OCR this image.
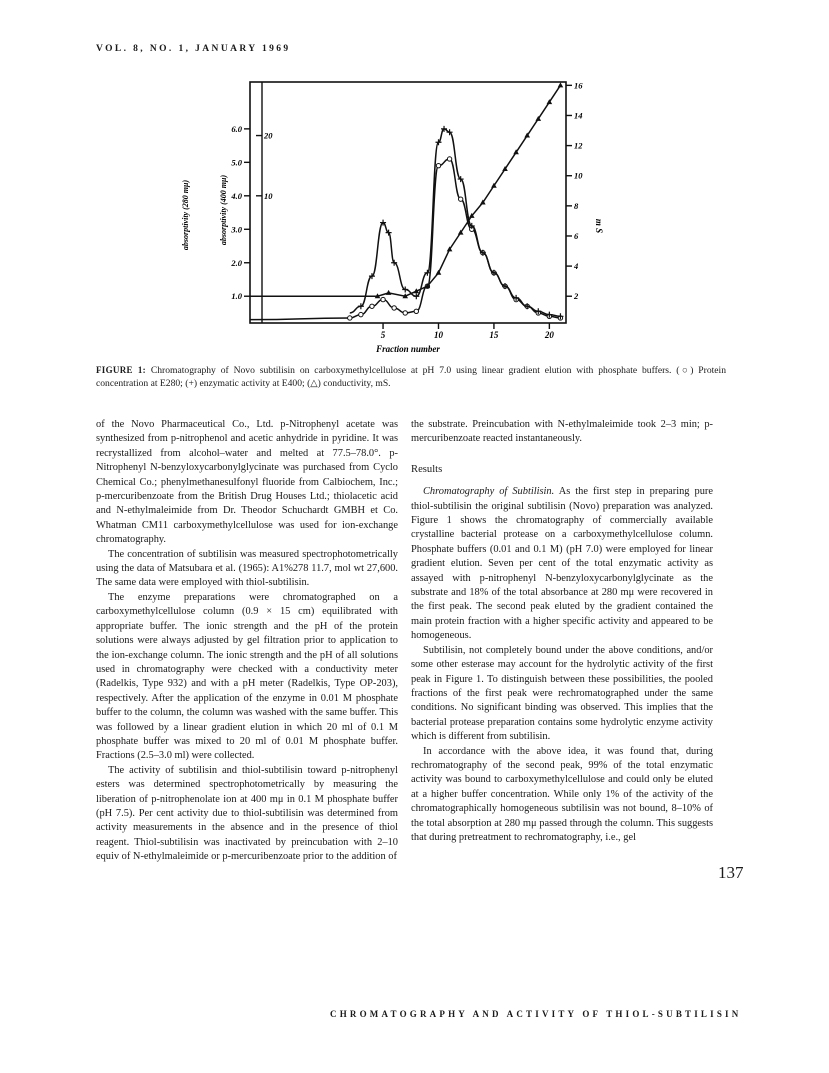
VOL. 8, NO. 1, JANUARY 1969
5	10	15	20
Fraction number
1.0
2.0
3.0
4.0
5.0
6.0
absorptivity (280 mμ)	10
20
absorptivity (400 mμ)
2
4
6
8
10
12
14
16
m S
FIGURE 1: Chromatography of Novo subtilisin on carboxymethylcellulose at pH 7.0 using linear gradient elution with phosphate buffers. (○) Protein concentration at E280; (+) enzymatic activity at E400; (△) conductivity, mS.

of the Novo Pharmaceutical Co., Ltd. p-Nitrophenyl acetate was synthesized from p-nitrophenol and acetic anhydride in pyridine. It was recrystallized from alcohol–water and melted at 77.5–78.0°. p-Nitrophenyl N-benzyloxycarbonylglycinate was purchased from Cyclo Chemical Co.; phenylmethanesulfonyl fluoride from Calbiochem, Inc.; p-mercuribenzoate from the British Drug Houses Ltd.; thiolacetic acid and N-ethylmaleimide from Dr. Theodor Schuchardt GMBH et Co. Whatman CM11 carboxymethylcellulose was used for ion-exchange chromatography.

The concentration of subtilisin was measured spectrophotometrically using the data of Matsubara et al. (1965): A1%278 11.7, mol wt 27,600. The same data were employed with thiol-subtilisin.

The enzyme preparations were chromatographed on a carboxymethylcellulose column (0.9 × 15 cm) equilibrated with appropriate buffer. The ionic strength and the pH of the protein solutions were always adjusted by gel filtration prior to application to the ion-exchange column. The ionic strength and the pH of all solutions used in chromatography were checked with a conductivity meter (Radelkis, Type 932) and with a pH meter (Radelkis, Type OP-203), respectively. After the application of the enzyme in 0.01 M phosphate buffer to the column, the column was washed with the same buffer. This was followed by a linear gradient elution in which 20 ml of 0.1 M phosphate buffer was mixed to 20 ml of 0.01 M phosphate buffer. Fractions (2.5–3.0 ml) were collected.

The activity of subtilisin and thiol-subtilisin toward p-nitrophenyl esters was determined spectrophotometrically by measuring the liberation of p-nitrophenolate ion at 400 mμ in 0.1 M phosphate buffer (pH 7.5). Per cent activity due to thiol-subtilisin was determined from activity measurements in the absence and in the presence of thiol reagent. Thiol-subtilisin was inactivated by preincubation with 2–10 equiv of N-ethylmaleimide or p-mercuribenzoate prior to the addition of

the substrate. Preincubation with N-ethylmaleimide took 2–3 min; p-mercuribenzoate reacted instantaneously.

Results

Chromatography of Subtilisin. As the first step in preparing pure thiol-subtilisin the original subtilisin (Novo) preparation was analyzed. Figure 1 shows the chromatography of commercially available crystalline bacterial protease on a carboxymethylcellulose column. Phosphate buffers (0.01 and 0.1 M) (pH 7.0) were employed for linear gradient elution. Seven per cent of the total enzymatic activity as assayed with p-nitrophenyl N-benzyloxycarbonylglycinate as the substrate and 18% of the total absorbance at 280 mμ were recovered in the first peak. The second peak eluted by the gradient contained the main protein fraction with a higher specific activity and appeared to be homogeneous.

Subtilisin, not completely bound under the above conditions, and/or some other esterase may account for the hydrolytic activity of the first peak in Figure 1. To distinguish between these possibilities, the pooled fractions of the first peak were rechromatographed under the same conditions. No significant binding was observed. This implies that the bacterial protease preparation contains some hydrolytic enzyme activity which is different from subtilisin.

In accordance with the above idea, it was found that, during rechromatography of the second peak, 99% of the total enzymatic activity was bound to carboxymethylcellulose and could only be eluted at a higher buffer concentration. While only 1% of the activity of the chromatographically homogeneous subtilisin was not bound, 8–10% of the total absorption at 280 mμ passed through the column. This suggests that during pretreatment to rechromatography, i.e., gel

137
CHROMATOGRAPHY AND ACTIVITY OF THIOL-SUBTILISIN
